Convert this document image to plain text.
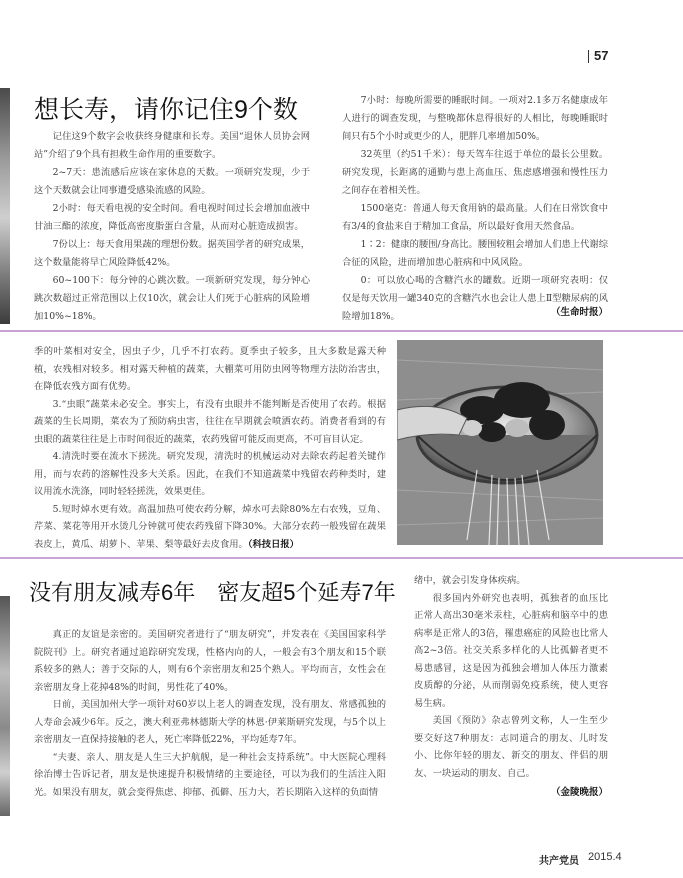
57
想长寿，请你记住9个数

记住这9个数字会收获终身健康和长寿。美国“退休人员协会网站”介绍了9个具有担救生命作用的重要数字。

2~7天：患流感后应该在家休息的天数。一项研究发现，少于这个天数就会让同事遭受感染流感的风险。

2小时：每天看电视的安全时间。看电视时间过长会增加血液中甘油三酯的浓度，降低高密度脂蛋白含量，从而对心脏造成损害。

7份以上：每天食用果蔬的理想份数。据英国学者的研究成果，这个数量能将早亡风险降低42%。

60~100下：每分钟的心跳次数。一项新研究发现，每分钟心跳次数超过正常范围以上仅10次，就会让人们死于心脏病的风险增加10%~18%。

7小时：每晚所需要的睡眠时间。一项对2.1多万名健康成年人进行的调查发现，与整晚都休息得很好的人相比，每晚睡眠时间只有5个小时或更少的人，肥胖几率增加50%。

32英里（约51千米）：每天驾车往返于单位的最长公里数。研究发现，长距离的通勤与患上高血压、焦虑感增强和慢性压力之间存在着相关性。

1500毫克：普通人每天食用钠的最高量。人们在日常饮食中有3/4的食盐来自于精加工食品，所以最好食用天然食品。

1∶2：健康的腰围/身高比。腰围较粗会增加人们患上代谢综合征的风险，进而增加患心脏病和中风风险。

0：可以放心喝的含糖汽水的罐数。近期一项研究表明：仅仅是每天饮用一罐340克的含糖汽水也会让人患上Ⅱ型糖尿病的风险增加18%。	（生命时报）

季的叶菜相对安全，因虫子少，几乎不打农药。夏季虫子较多，且大多数是露天种植，农残相对较多。相对露天种植的蔬菜，大棚菜可用防虫网等物理方法防治害虫，在降低农残方面有优势。

3.“虫眼”蔬菜未必安全。事实上，有没有虫眼并不能判断是否使用了农药。根据蔬菜的生长周期，菜农为了预防病虫害，往往在早期就会喷洒农药。消费者看到的有虫眼的蔬菜往往是上市时间很近的蔬菜，农药残留可能反而更高，不可盲目认定。

4.清洗时要在流水下搓洗。研究发现，清洗时的机械运动对去除农药起着关键作用，而与农药的溶解性没多大关系。因此，在我们不知道蔬菜中残留农药种类时，建议用流水洗涤，同时轻轻搓洗，效果更佳。

5.短时焯水更有效。高温加热可使农药分解，焯水可去除80%左右农残，豆角、芹菜、菜花等用开水烫几分钟就可使农药残留下降30%。大部分农药一般残留在蔬果表皮上，黄瓜、胡萝卜、苹果、梨等最好去皮食用。（科技日报）

没有朋友减寿6年　密友超5个延寿7年

真正的友谊是亲密的。美国研究者进行了“朋友研究”，并发表在《美国国家科学院院刊》上。研究者通过追踪研究发现，性格内向的人，一般会有3个朋友和15个联系较多的熟人；善于交际的人，则有6个亲密朋友和25个熟人。平均而言，女性会在亲密朋友身上花掉48%的时间，男性花了40%。

日前，美国加州大学一项针对60岁以上老人的调查发现，没有朋友、常感孤独的人寿命会减少6年。反之，澳大利亚弗林德斯大学的林恩·伊莱斯研究发现，与5个以上亲密朋友一直保持接触的老人，死亡率降低22%，平均延寿7年。

“夫妻、亲人、朋友是人生三大护航舰，是一种社会支持系统”。中大医院心理科徐治博士告诉记者，朋友是快速提升积极情绪的主要途径，可以为我们的生活注入阳光。如果没有朋友，就会变得焦虑、抑郁、孤僻、压力大，若长期陷入这样的负面情

绪中，就会引发身体疾病。

很多国内外研究也表明，孤独者的血压比正常人高出30毫米汞柱，心脏病和脑卒中的患病率是正常人的3倍，罹患癌症的风险也比常人高2~3倍。社交关系多样化的人比孤僻者更不易患感冒，这是因为孤独会增加人体压力激素皮质醇的分泌，从而削弱免疫系统，使人更容易生病。

美国《预防》杂志曾列文称，人一生至少要交好这7种朋友：志同道合的朋友、儿时发小、比你年轻的朋友、新交的朋友、伴侣的朋友、一块运动的朋友、自己。

（金陵晚报）
共产党员 2015.4
